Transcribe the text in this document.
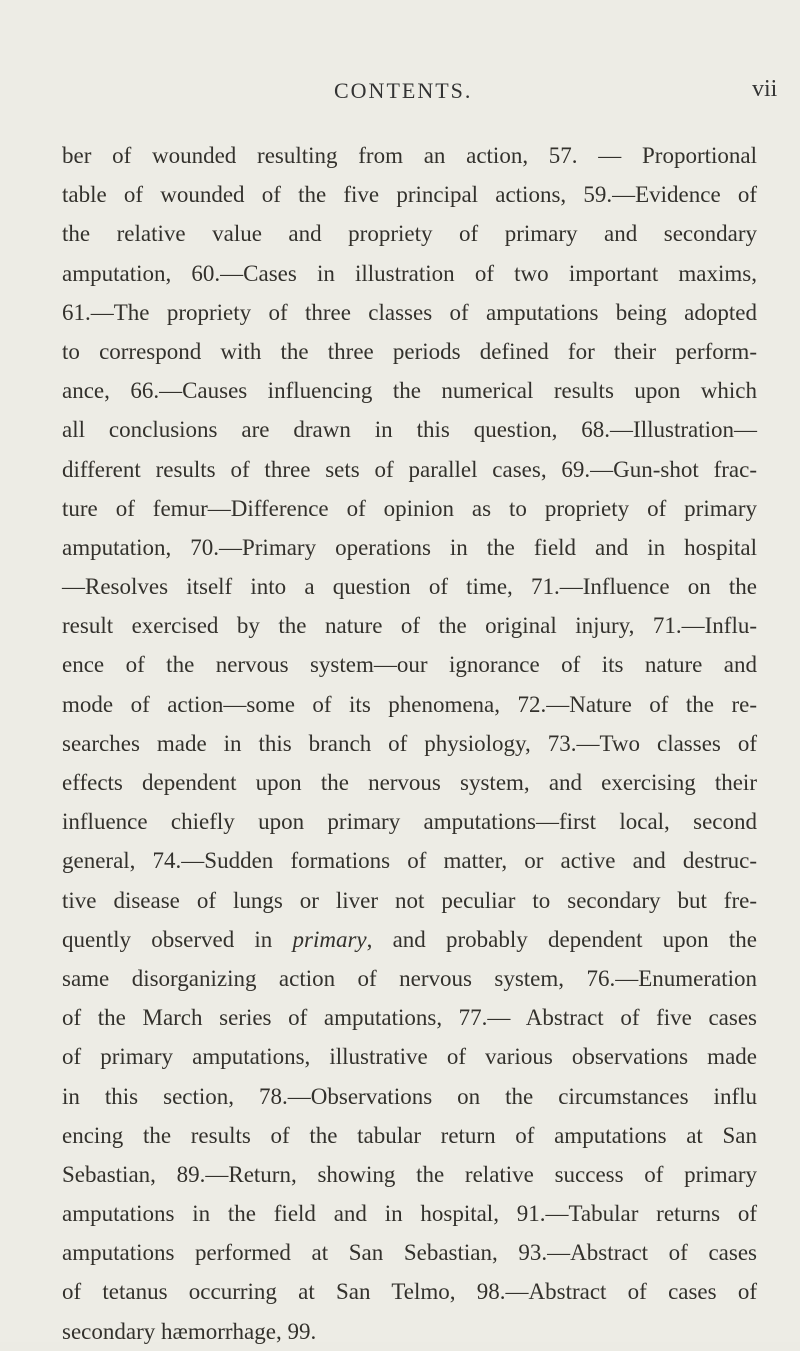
CONTENTS.	vii
ber of wounded resulting from an action, 57. — Proportional
table of wounded of the five principal actions, 59.—Evidence of
the relative value and propriety of primary and secondary
amputation, 60.—Cases in illustration of two important maxims,
61.—The propriety of three classes of amputations being adopted
to correspond with the three periods defined for their perform-
ance, 66.—Causes influencing the numerical results upon which
all conclusions are drawn in this question, 68.—Illustration—
different results of three sets of parallel cases, 69.—Gun-shot frac-
ture of femur—Difference of opinion as to propriety of primary
amputation, 70.—Primary operations in the field and in hospital
—Resolves itself into a question of time, 71.—Influence on the
result exercised by the nature of the original injury, 71.—Influ-
ence of the nervous system—our ignorance of its nature and
mode of action—some of its phenomena, 72.—Nature of the re-
searches made in this branch of physiology, 73.—Two classes of
effects dependent upon the nervous system, and exercising their
influence chiefly upon primary amputations—first local, second
general, 74.—Sudden formations of matter, or active and destruc-
tive disease of lungs or liver not peculiar to secondary but fre-
quently observed in primary, and probably dependent upon the
same disorganizing action of nervous system, 76.—Enumeration
of the March series of amputations, 77.— Abstract of five cases
of primary amputations, illustrative of various observations made
in this section, 78.—Observations on the circumstances influ
encing the results of the tabular return of amputations at San
Sebastian, 89.—Return, showing the relative success of primary
amputations in the field and in hospital, 91.—Tabular returns of
amputations performed at San Sebastian, 93.—Abstract of cases
of tetanus occurring at San Telmo, 98.—Abstract of cases of
secondary hæmorrhage, 99.
